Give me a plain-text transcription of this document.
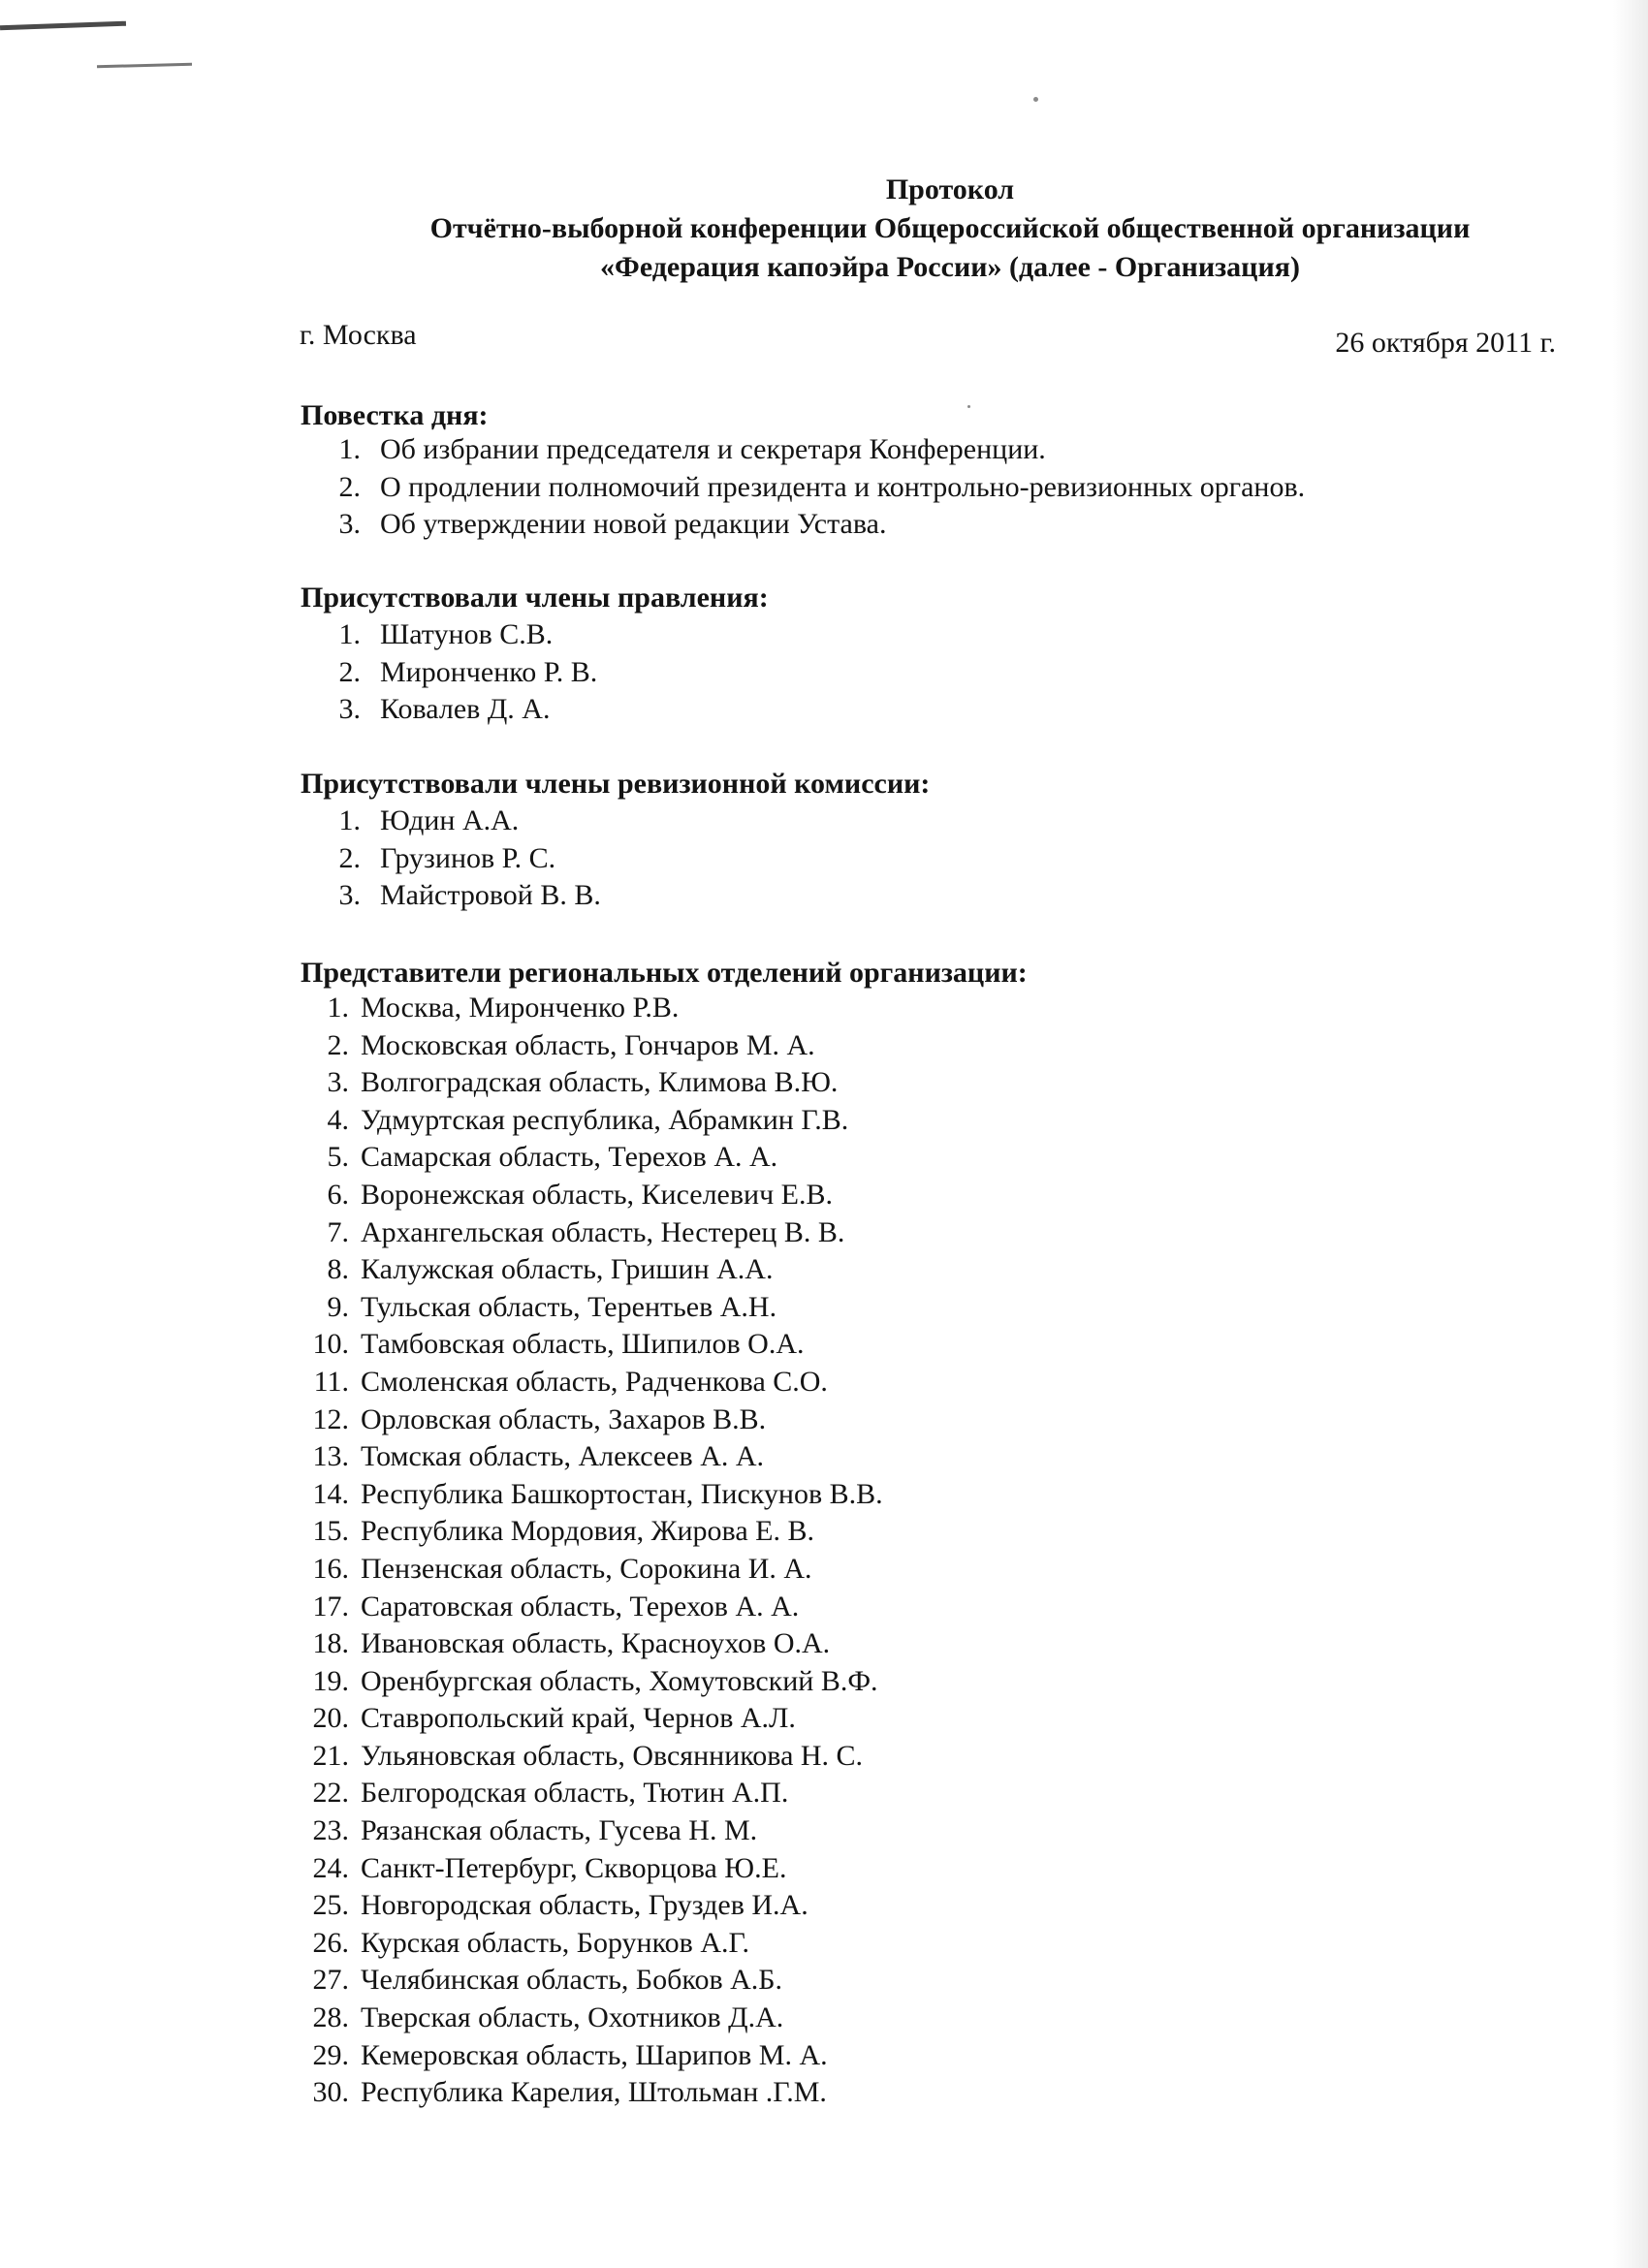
Протокол
Отчётно-выборной конференции Общероссийской общественной организации
«Федерация капоэйра России» (далее - Организация)
г. Москва	26 октября 2011 г.
Повестка дня:
1. Об избрании председателя и секретаря Конференции.
2. О продлении полномочий президента и контрольно-ревизионных органов.
3. Об утверждении новой редакции Устава.
Присутствовали члены правления:
1. Шатунов С.В.
2. Мирончeнко Р. В.
3. Ковалев Д. А.
Присутствовали члены ревизионной комиссии:
1. Юдин А.А.
2. Грузинов Р. С.
3. Майстровой В. В.
Представители региональных отделений организации:
1. Москва, Мирончeнко Р.В.
2. Московская область, Гончаров М. А.
3. Волгоградская область, Климова В.Ю.
4. Удмуртская республика, Абрамкин Г.В.
5. Самарская область, Терехов А. А.
6. Воронежская область, Киселевич Е.В.
7. Архангельская область, Нестерец В. В.
8. Калужская область, Гришин А.А.
9. Тульская область, Терентьев А.Н.
10. Тамбовская область, Шипилов О.А.
11. Смоленская область, Радченкова С.О.
12. Орловская область, Захаров В.В.
13. Томская область, Алексеев А. А.
14. Республика Башкортостан, Пискунов В.В.
15. Республика Мордовия, Жирова Е. В.
16. Пензенская область, Сорокина И. А.
17. Саратовская область, Терехов А. А.
18. Ивановская область, Красноухов О.А.
19. Оренбургская область, Хомутовский В.Ф.
20. Ставропольский край, Чернов А.Л.
21. Ульяновская область, Овсянникова Н. С.
22. Белгородская область, Тютин А.П.
23. Рязанская область, Гусева Н. М.
24. Санкт-Петербург, Скворцова Ю.Е.
25. Новгородская область, Груздев И.А.
26. Курская область, Борунков А.Г.
27. Челябинская область, Бобков А.Б.
28. Тверская область, Охотников Д.А.
29. Кемеровская область, Шарипов М. А.
30. Республика Карелия, Штольман .Г.М.
